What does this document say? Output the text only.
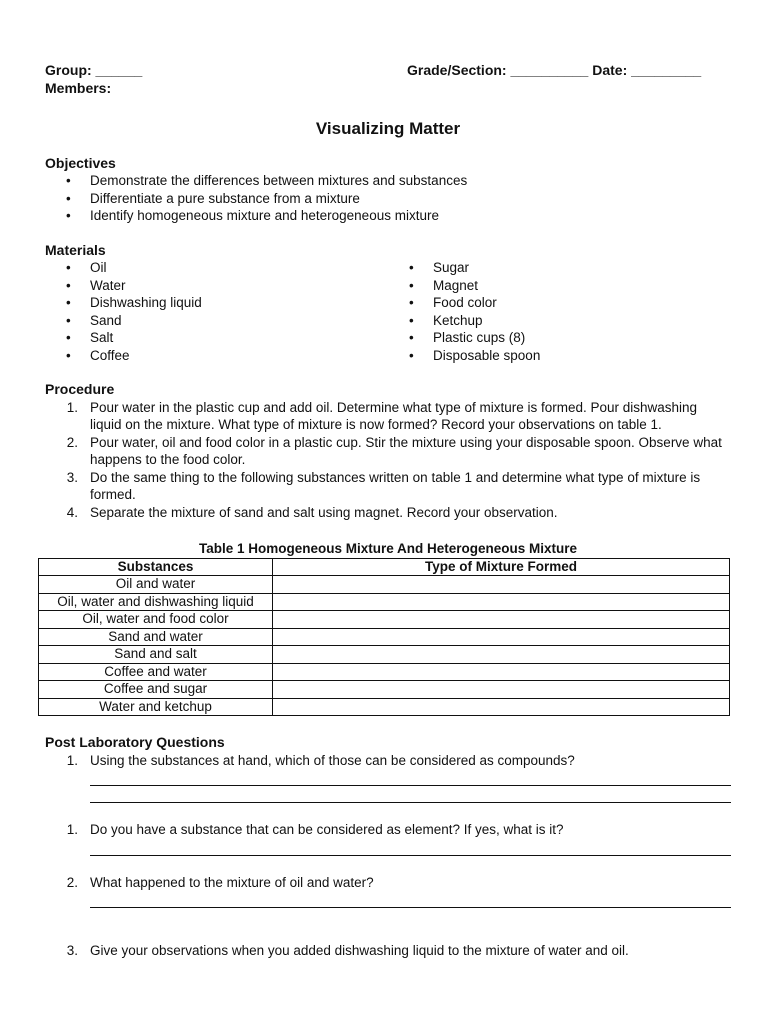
Group: ______	Grade/Section: __________ Date: _________
Members:
Visualizing Matter
Objectives
• Demonstrate the differences between mixtures and substances
• Differentiate a pure substance from a mixture
• Identify homogeneous mixture and heterogeneous mixture
Materials
• Oil
• Water
• Dishwashing liquid
• Sand
• Salt
• Coffee
• Sugar
• Magnet
• Food color
• Ketchup
• Plastic cups (8)
• Disposable spoon
Procedure
1. Pour water in the plastic cup and add oil. Determine what type of mixture is formed. Pour dishwashing liquid on the mixture. What type of mixture is now formed? Record your observations on table 1.
2. Pour water, oil and food color in a plastic cup. Stir the mixture using your disposable spoon. Observe what happens to the food color.
3. Do the same thing to the following substances written on table 1 and determine what type of mixture is formed.
4. Separate the mixture of sand and salt using magnet. Record your observation.
Table 1 Homogeneous Mixture And Heterogeneous Mixture
Substances	Type of Mixture Formed
Oil and water	
Oil, water and dishwashing liquid	
Oil, water and food color	
Sand and water	
Sand and salt	
Coffee and water	
Coffee and sugar	
Water and ketchup	
Post Laboratory Questions
1. Using the substances at hand, which of those can be considered as compounds?
1. Do you have a substance that can be considered as element? If yes, what is it?
2. What happened to the mixture of oil and water?
3. Give your observations when you added dishwashing liquid to the mixture of water and oil.
